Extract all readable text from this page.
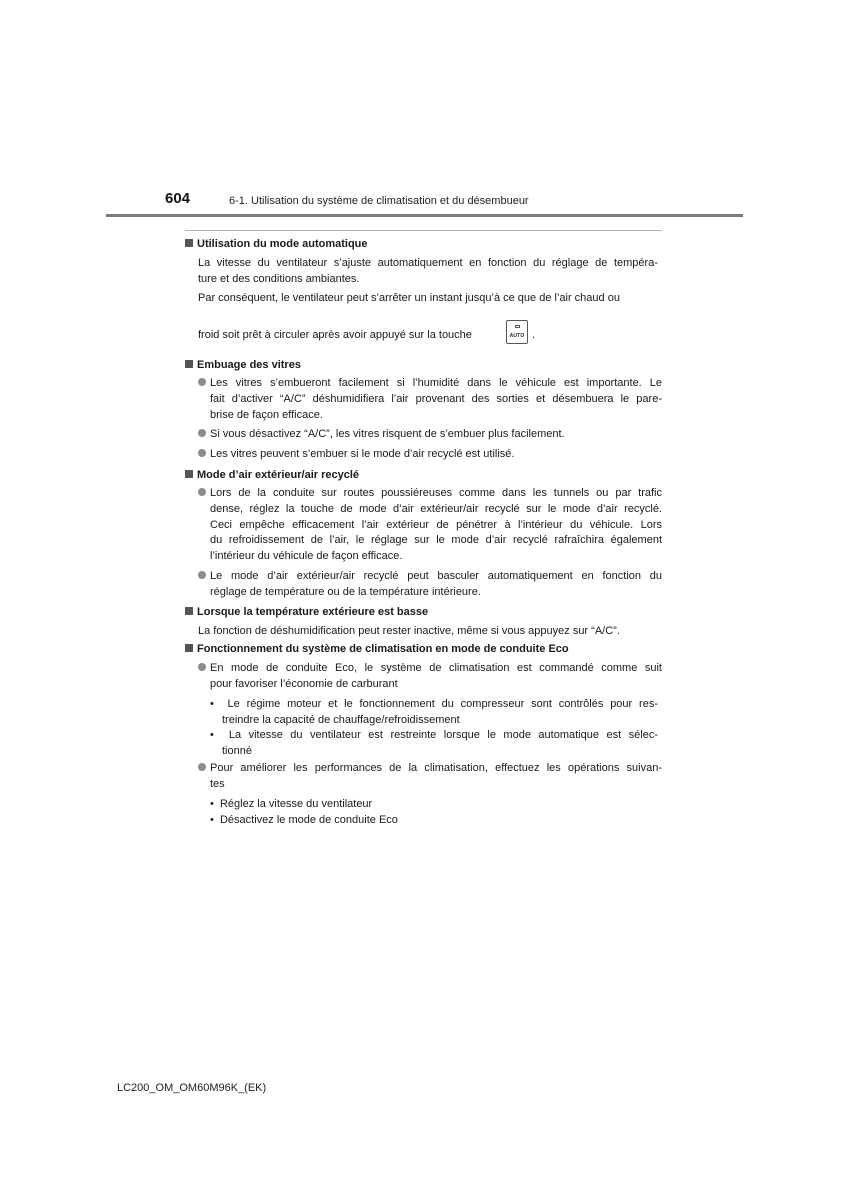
604	6-1. Utilisation du système de climatisation et du désembueur
Utilisation du mode automatique
La vitesse du ventilateur s’ajuste automatiquement en fonction du réglage de tempéra-
ture et des conditions ambiantes.
Par conséquent, le ventilateur peut s’arrêter un instant jusqu’à ce que de l’air chaud ou
froid soit prêt à circuler après avoir appuyé sur la touche	AUTO .
Embuage des vitres
Les vitres s’embueront facilement si l’humidité dans le véhicule est importante. Le
fait d’activer “A/C” déshumidifiera l’air provenant des sorties et désembuera le pare-
brise de façon efficace.
Si vous désactivez “A/C”, les vitres risquent de s’embuer plus facilement.
Les vitres peuvent s’embuer si le mode d’air recyclé est utilisé.
Mode d’air extérieur/air recyclé
Lors de la conduite sur routes poussiéreuses comme dans les tunnels ou par trafic
dense, réglez la touche de mode d’air extérieur/air recyclé sur le mode d’air recyclé.
Ceci empêche efficacement l’air extérieur de pénétrer à l’intérieur du véhicule. Lors
du refroidissement de l’air, le réglage sur le mode d’air recyclé rafraîchira également
l’intérieur du véhicule de façon efficace.
Le mode d’air extérieur/air recyclé peut basculer automatiquement en fonction du
réglage de température ou de la température intérieure.
Lorsque la température extérieure est basse
La fonction de déshumidification peut rester inactive, même si vous appuyez sur “A/C”.
Fonctionnement du système de climatisation en mode de conduite Eco
En mode de conduite Eco, le système de climatisation est commandé comme suit
pour favoriser l’économie de carburant
•  Le régime moteur et le fonctionnement du compresseur sont contrôlés pour res-
treindre la capacité de chauffage/refroidissement
•  La vitesse du ventilateur est restreinte lorsque le mode automatique est sélec-
tionné
Pour améliorer les performances de la climatisation, effectuez les opérations suivan-
tes
•  Réglez la vitesse du ventilateur
•  Désactivez le mode de conduite Eco
LC200_OM_OM60M96K_(EK)
